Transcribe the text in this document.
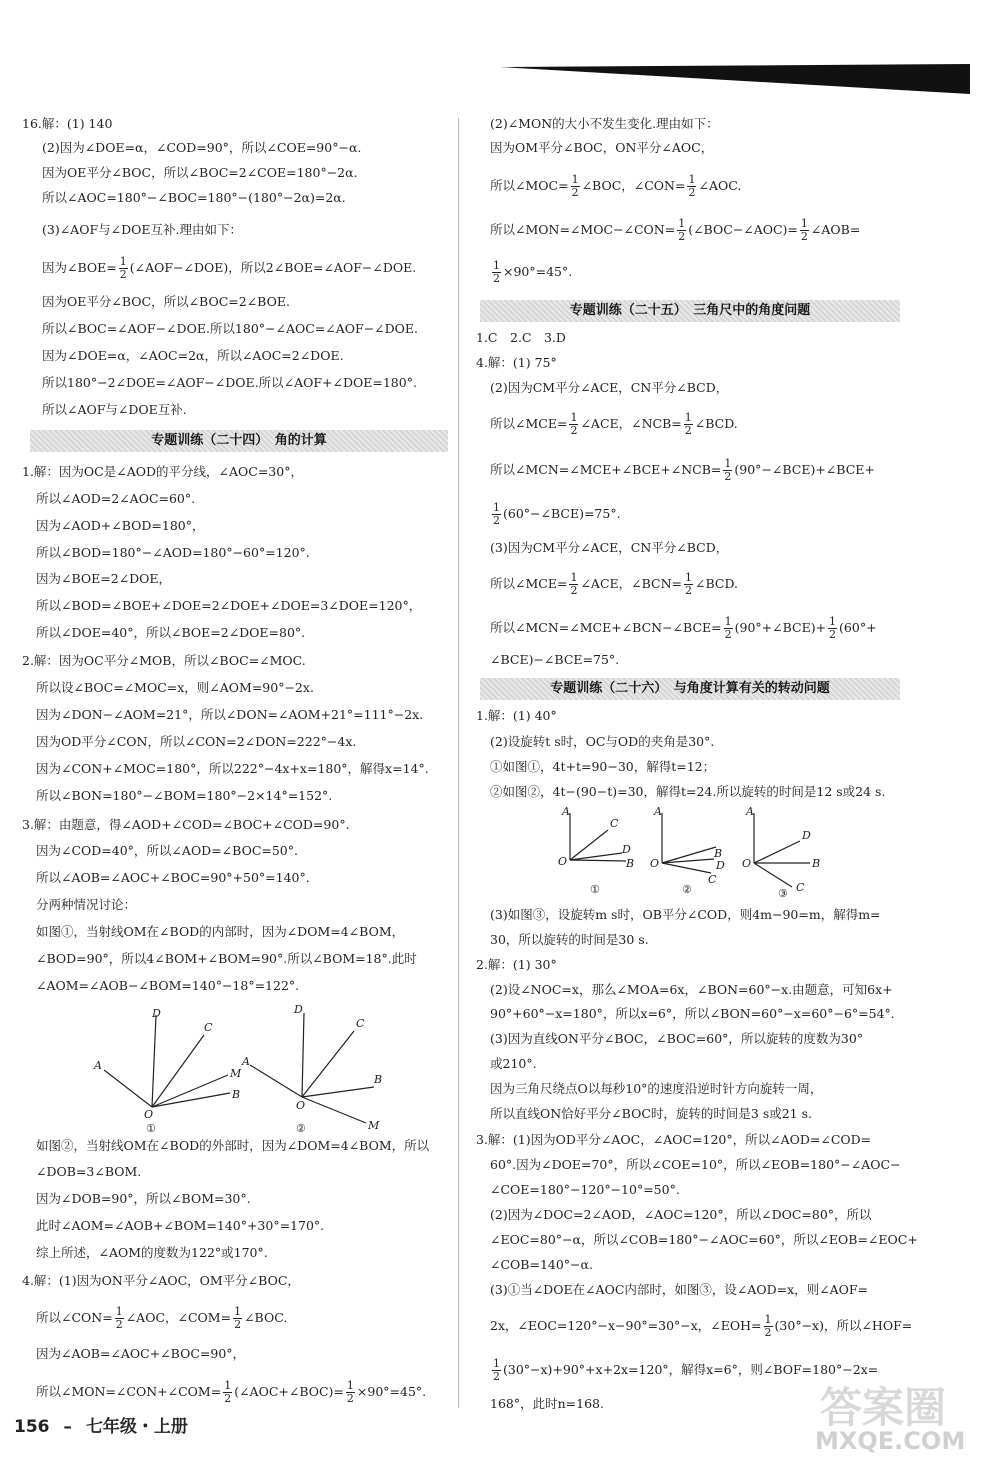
16.解：(1) 140
(2)因为∠DOE=α，∠COD=90°，所以∠COE=90°−α.
因为OE平分∠BOC，所以∠BOC=2∠COE=180°−2α.
所以∠AOC=180°−∠BOC=180°−(180°−2α)=2α.
(3)∠AOF与∠DOE互补.理由如下：
因为∠BOE= $\frac{1}{2}$ (∠AOF−∠DOE)，所以2∠BOE=∠AOF−∠DOE.
因为OE平分∠BOC，所以∠BOC=2∠BOE.
所以∠BOC=∠AOF−∠DOE.所以180°−∠AOC=∠AOF−∠DOE.
因为∠DOE=α，∠AOC=2α，所以∠AOC=2∠DOE.
所以180°−2∠DOE=∠AOF−∠DOE.所以∠AOF+∠DOE=180°.
所以∠AOF与∠DOE互补.
专题训练（二十四）　角的计算
1.解：因为OC是∠AOD的平分线，∠AOC=30°，
所以∠AOD=2∠AOC=60°.
因为∠AOD+∠BOD=180°，
所以∠BOD=180°−∠AOD=180°−60°=120°.
因为∠BOE=2∠DOE，
所以∠BOD=∠BOE+∠DOE=2∠DOE+∠DOE=3∠DOE=120°，
所以∠DOE=40°，所以∠BOE=2∠DOE=80°.
2.解：因为OC平分∠MOB，所以∠BOC=∠MOC.
所以设∠BOC=∠MOC=x，则∠AOM=90°−2x.
因为∠DON−∠AOM=21°，所以∠DON=∠AOM+21°=111°−2x.
因为OD平分∠CON，所以∠CON=2∠DON=222°−4x.
因为∠CON+∠MOC=180°，所以222°−4x+x=180°，解得x=14°.
所以∠BON=180°−∠BOM=180°−2×14°=152°.
3.解：由题意，得∠AOD+∠COD=∠BOC+∠COD=90°.
因为∠COD=40°，所以∠AOD=∠BOC=50°.
所以∠AOB=∠AOC+∠BOC=90°+50°=140°.
分两种情况讨论：
如图①，当射线OM在∠BOD的内部时，因为∠DOM=4∠BOM，
∠BOD=90°，所以4∠BOM+∠BOM=90°.所以∠BOM=18°.此时
∠AOM=∠AOB−∠BOM=140°−18°=122°.
D
C
A
M
B
O
①
D
C
A
B
O
M
②
如图②，当射线OM在∠BOD的外部时，因为∠DOM=4∠BOM，所以
∠DOB=3∠BOM.
因为∠DOB=90°，所以∠BOM=30°.
此时∠AOM=∠AOB+∠BOM=140°+30°=170°.
综上所述，∠AOM的度数为122°或170°.
4.解：(1)因为ON平分∠AOC，OM平分∠BOC，
所以∠CON= $\frac{1}{2}$ ∠AOC，∠COM= $\frac{1}{2}$ ∠BOC.
因为∠AOB=∠AOC+∠BOC=90°，
所以∠MON=∠CON+∠COM= $\frac{1}{2}$ (∠AOC+∠BOC)= $\frac{1}{2} \times 90^\circ=45^\circ$.
(2)∠MON的大小不发生变化.理由如下：
因为OM平分∠BOC，ON平分∠AOC，
所以∠MOC= $\frac{1}{2}$ ∠BOC，∠CON= $\frac{1}{2}$ ∠AOC.
所以∠MON=∠MOC−∠CON= $\frac{1}{2}$ (∠BOC−∠AOC)= $\frac{1}{2}$ ∠AOB=
$\frac{1}{2} \times 90^\circ=45^\circ$.
专题训练（二十五）　三角尺中的角度问题
1.C　2.C　3.D
4.解：(1) 75°
(2)因为CM平分∠ACE，CN平分∠BCD，
所以∠MCE= $\frac{1}{2}$ ∠ACE，∠NCB= $\frac{1}{2}$ ∠BCD.
所以∠MCN=∠MCE+∠BCE+∠NCB= $\frac{1}{2}$ (90°−∠BCE)+∠BCE+
$\frac{1}{2}$ (60°−∠BCE)=75°.
(3)因为CM平分∠ACE，CN平分∠BCD，
所以∠MCE= $\frac{1}{2}$ ∠ACE，∠BCN= $\frac{1}{2}$ ∠BCD.
所以∠MCN=∠MCE+∠BCN−∠BCE= $\frac{1}{2}$ (90°+∠BCE)+ $\frac{1}{2} (60^\circ+$
∠BCE)−∠BCE=75°.
专题训练（二十六）　与角度计算有关的转动问题
1.解：(1) 40°
(2)设旋转t s时，OC与OD的夹角是30°.
①如图①，4t+t=90−30，解得t=12；
②如图②，4t−(90−t)=30，解得t=24.所以旋转的时间是12 s或24 s.
A
C
O
D
B
①
A
O
B
D
C
②
A
D
O	B
C
③
(3)如图③，设旋转m s时，OB平分∠COD，则4m−90=m，解得m=
30，所以旋转的时间是30 s.
2.解：(1) 30°
(2)设∠NOC=x，那么∠MOA=6x，∠BON=60°−x.由题意，可知6x+
90°+60°−x=180°，所以x=6°，所以∠BON=60°−x=60°−6°=54°.
(3)因为直线ON平分∠BOC，∠BOC=60°，所以旋转的度数为30°
或210°.
因为三角尺绕点O以每秒10°的速度沿逆时针方向旋转一周，
所以直线ON恰好平分∠BOC时，旋转的时间是3 s或21 s.
3.解：(1)因为OD平分∠AOC，∠AOC=120°，所以∠AOD=∠COD=
60°.因为∠DOE=70°，所以∠COE=10°，所以∠EOB=180°−∠AOC−
∠COE=180°−120°−10°=50°.
(2)因为∠DOC=2∠AOD，∠AOC=120°，所以∠DOC=80°，所以
∠EOC=80°−α，所以∠COB=180°−∠AOC=60°，所以∠EOB=∠EOC+
∠COB=140°−α.
(3)①当∠DOE在∠AOC内部时，如图③，设∠AOD=x，则∠AOF=
2x，∠EOC=120°−x−90°=30°−x，∠EOH= $\frac{1}{2} (30^\circ-x)$，所以∠HOF=
$\frac{1}{2} (30^\circ-x)+90^\circ+x+2x=120^\circ$，解得x=6°，则∠BOF=180°−2x=
168°，此时n=168.
156 – 七年级・上册	答案圈
MXQE.COM
